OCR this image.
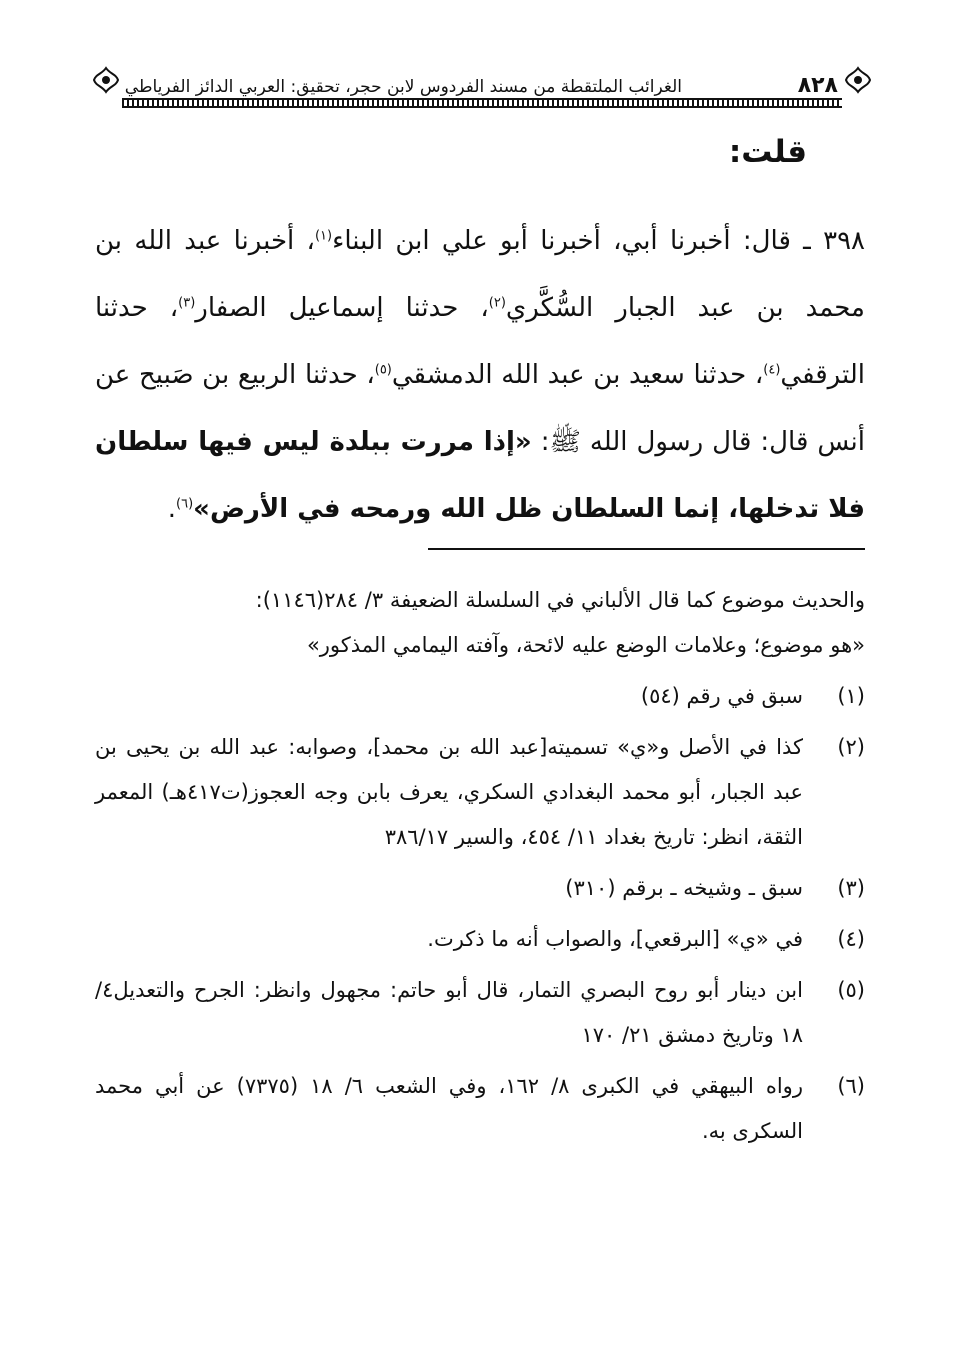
٨٢٨
الغرائب الملتقطة من مسند الفردوس لابن حجر، تحقيق: العربي الدائز الفرياطي
قلت:
٣٩٨ ـ قال: أخبرنا أبي، أخبرنا أبو علي ابن البناء$^{(١)}$، أخبرنا عبد الله بن محمد بن عبد الجبار السُّكَّري$^{(٢)}$، حدثنا إسماعيل الصفار$^{(٣)}$، حدثنا الترقفي$^{(٤)}$، حدثنا سعيد بن عبد الله الدمشقي$^{(٥)}$، حدثنا الربيع بن صَبيح عن أنس قال: قال رسول الله ﷺ: «إذا مررت ببلدة ليس فيها سلطان فلا تدخلها، إنما السلطان ظل الله ورمحه في الأرض»$^{(٦)}$.
والحديث موضوع كما قال الألباني في السلسلة الضعيفة ٣/ ٢٨٤(١١٤٦):
«هو موضوع؛ وعلامات الوضع عليه لائحة، وآفته اليمامي المذكور»
(١)
سبق في رقم (٥٤)
(٢)
كذا في الأصل و«ي» تسميته[عبد الله بن محمد]، وصوابه: عبد الله بن يحيى بن عبد الجبار، أبو محمد البغدادي السكري، يعرف بابن وجه العجوز(ت٤١٧هـ) المعمر الثقة، انظر: تاريخ بغداد ١١/ ٤٥٤، والسير ٣٨٦/١٧
(٣)
سبق ـ وشيخه ـ برقم (٣١٠)
(٤)
في «ي» [البرقعي]، والصواب أنه ما ذكرت.
(٥)
ابن دينار أبو روح البصري التمار، قال أبو حاتم: مجهول وانظر: الجرح والتعديل٤/ ١٨ وتاريخ دمشق ٢١/ ١٧٠
(٦)
رواه البيهقي في الكبرى ٨/ ١٦٢، وفي الشعب ٦/ ١٨ (٧٣٧٥) عن أبي محمد السكرى به.
